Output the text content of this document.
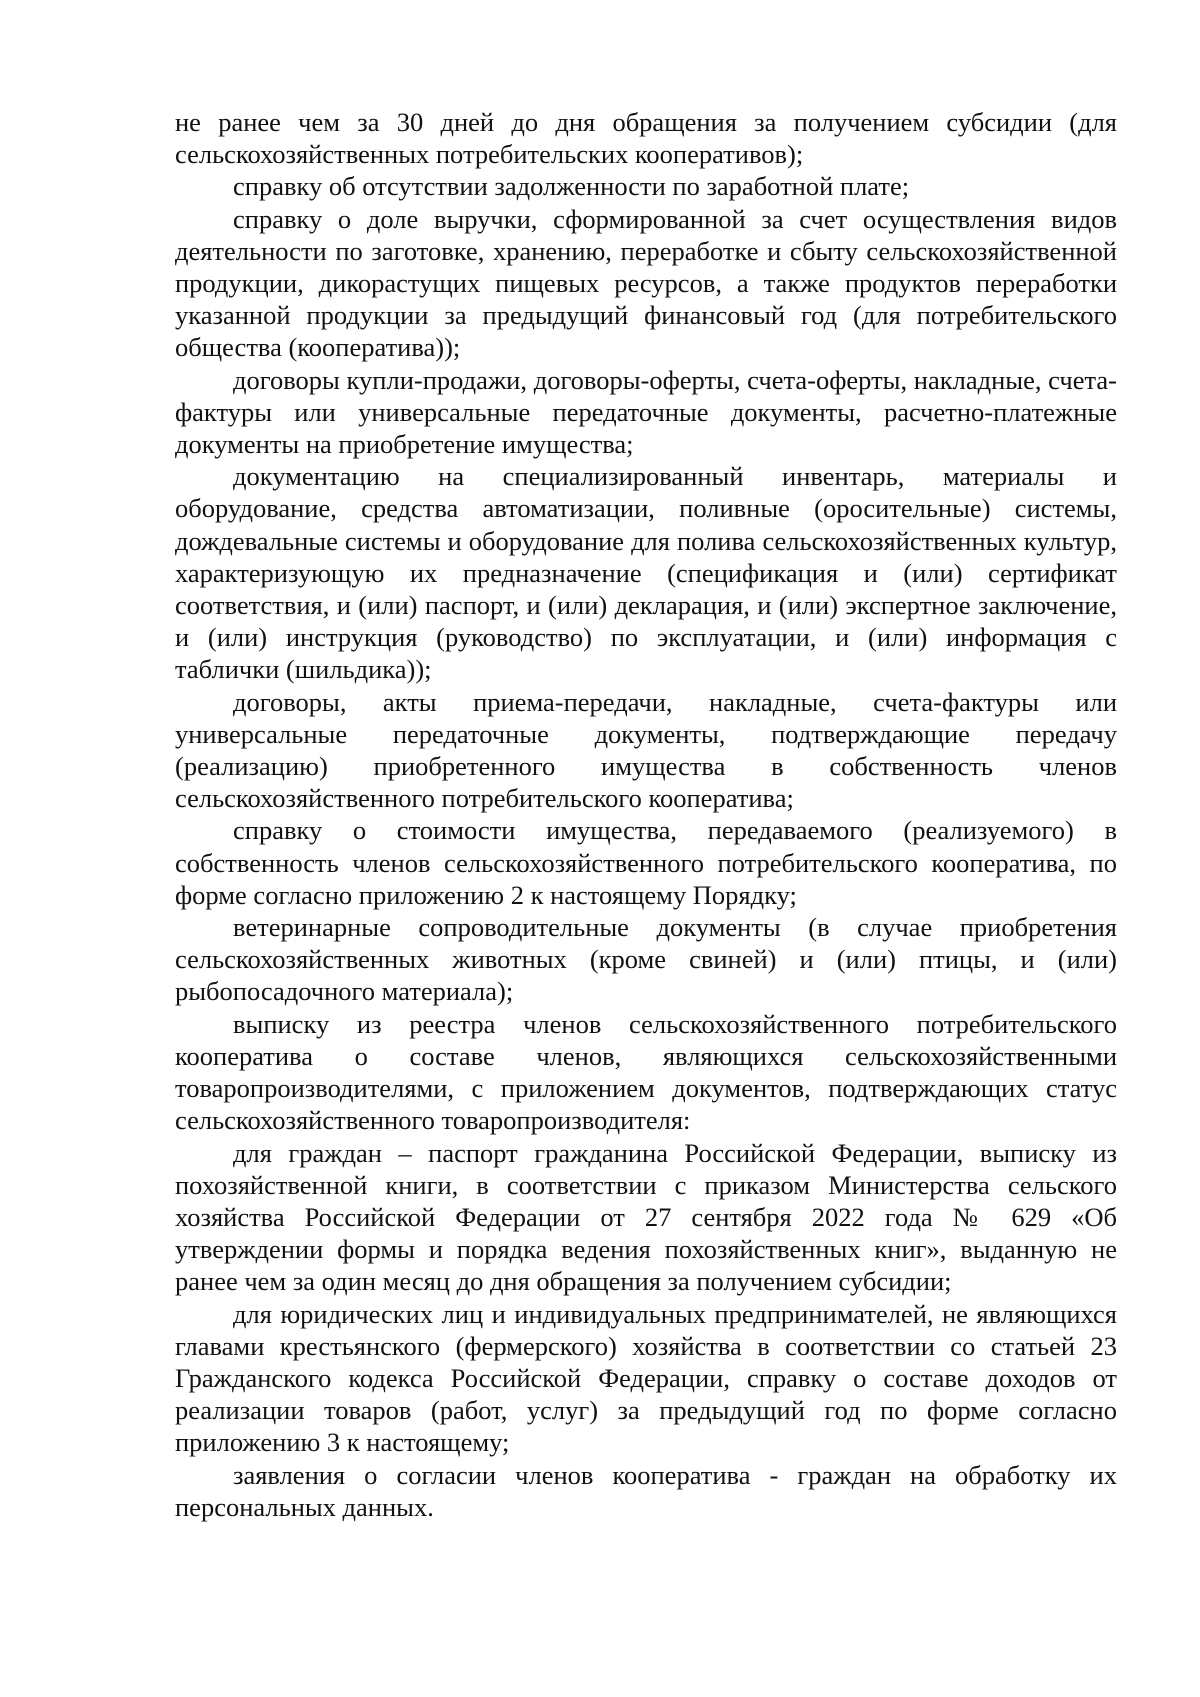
не ранее чем за 30 дней до дня обращения за получением субсидии (для сельскохозяйственных потребительских кооперативов);

справку об отсутствии задолженности по заработной плате;

справку о доле выручки, сформированной за счет осуществления видов деятельности по заготовке, хранению, переработке и сбыту сельскохозяйственной продукции, дикорастущих пищевых ресурсов, а также продуктов переработки указанной продукции за предыдущий финансовый год (для потребительского общества (кооператива));

договоры купли-продажи, договоры-оферты, счета-оферты, накладные, счета-фактуры или универсальные передаточные документы, расчетно-платежные документы на приобретение имущества;

документацию на специализированный инвентарь, материалы и оборудование, средства автоматизации, поливные (оросительные) системы, дождевальные системы и оборудование для полива сельскохозяйственных культур, характеризующую их предназначение (спецификация и (или) сертификат соответствия, и (или) паспорт, и (или) декларация, и (или) экспертное заключение, и (или) инструкция (руководство) по эксплуатации, и (или) информация с таблички (шильдика));

договоры, акты приема-передачи, накладные, счета-фактуры или универсальные передаточные документы, подтверждающие передачу (реализацию) приобретенного имущества в собственность членов сельскохозяйственного потребительского кооператива;

справку о стоимости имущества, передаваемого (реализуемого) в собственность членов сельскохозяйственного потребительского кооператива, по форме согласно приложению 2 к настоящему Порядку;

ветеринарные сопроводительные документы (в случае приобретения сельскохозяйственных животных (кроме свиней) и (или) птицы, и (или) рыбопосадочного материала);

выписку из реестра членов сельскохозяйственного потребительского кооператива о составе членов, являющихся сельскохозяйственными товаропроизводителями, с приложением документов, подтверждающих статус сельскохозяйственного товаропроизводителя:

для граждан – паспорт гражданина Российской Федерации, выписку из похозяйственной книги, в соответствии с приказом Министерства сельского хозяйства Российской Федерации от 27 сентября 2022 года № 629 «Об утверждении формы и порядка ведения похозяйственных книг», выданную не ранее чем за один месяц до дня обращения за получением субсидии;

для юридических лиц и индивидуальных предпринимателей, не являющихся главами крестьянского (фермерского) хозяйства в соответствии со статьей 23 Гражданского кодекса Российской Федерации, справку о составе доходов от реализации товаров (работ, услуг) за предыдущий год по форме согласно приложению 3 к настоящему;

заявления о согласии членов кооператива - граждан на обработку их персональных данных.
